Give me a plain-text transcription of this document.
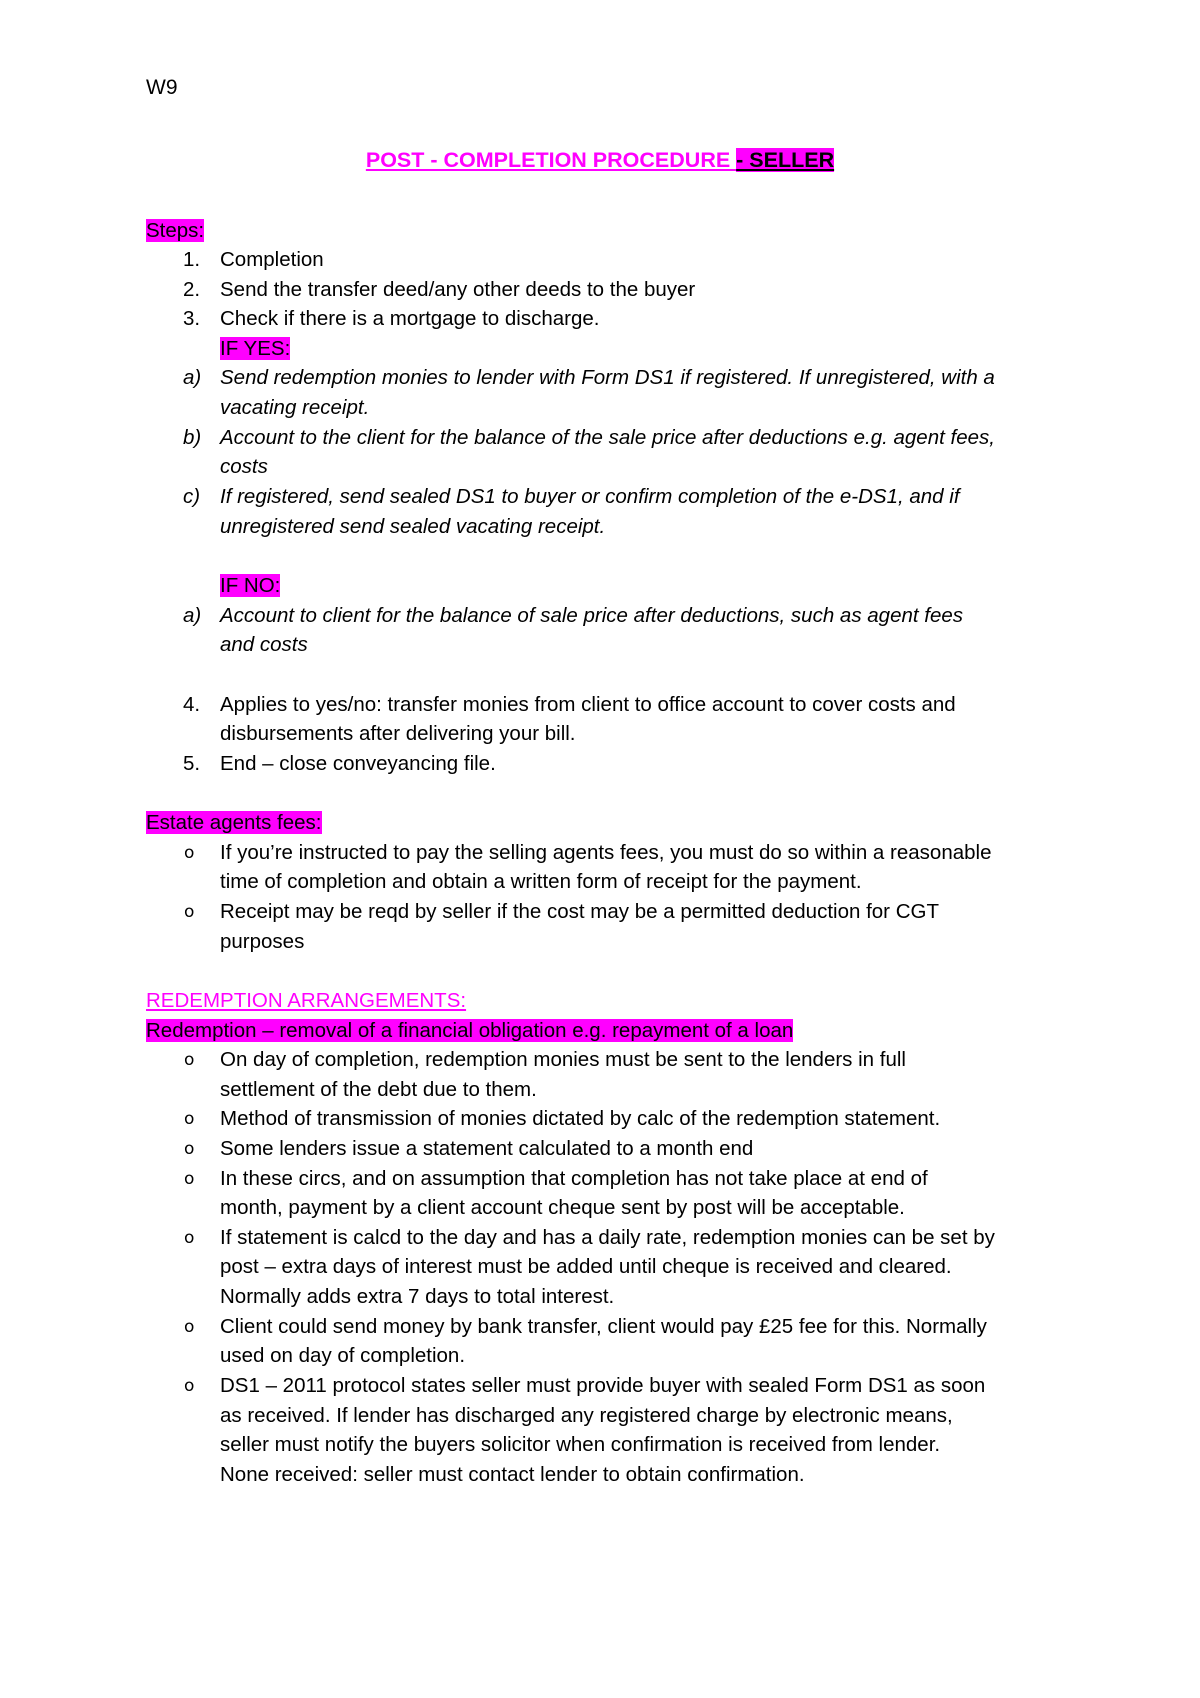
W9
POST - COMPLETION PROCEDURE - SELLER
Steps:
1. Completion
2. Send the transfer deed/any other deeds to the buyer
3. Check if there is a mortgage to discharge.
IF YES:
a) Send redemption monies to lender with Form DS1 if registered. If unregistered, with a
vacating receipt.
b) Account to the client for the balance of the sale price after deductions e.g. agent fees,
costs
c) If registered, send sealed DS1 to buyer or confirm completion of the e-DS1, and if
unregistered send sealed vacating receipt.
IF NO:
a) Account to client for the balance of sale price after deductions, such as agent fees
and costs
4. Applies to yes/no: transfer monies from client to office account to cover costs and
disbursements after delivering your bill.
5. End – close conveyancing file.
Estate agents fees:
o If you’re instructed to pay the selling agents fees, you must do so within a reasonable
time of completion and obtain a written form of receipt for the payment.
o Receipt may be reqd by seller if the cost may be a permitted deduction for CGT
purposes
REDEMPTION ARRANGEMENTS:
Redemption – removal of a financial obligation e.g. repayment of a loan
o On day of completion, redemption monies must be sent to the lenders in full
settlement of the debt due to them.
o Method of transmission of monies dictated by calc of the redemption statement.
o Some lenders issue a statement calculated to a month end
o In these circs, and on assumption that completion has not take place at end of
month, payment by a client account cheque sent by post will be acceptable.
o If statement is calcd to the day and has a daily rate, redemption monies can be set by
post – extra days of interest must be added until cheque is received and cleared.
Normally adds extra 7 days to total interest.
o Client could send money by bank transfer, client would pay £25 fee for this. Normally
used on day of completion.
o DS1 – 2011 protocol states seller must provide buyer with sealed Form DS1 as soon
as received. If lender has discharged any registered charge by electronic means,
seller must notify the buyers solicitor when confirmation is received from lender.
None received: seller must contact lender to obtain confirmation.
